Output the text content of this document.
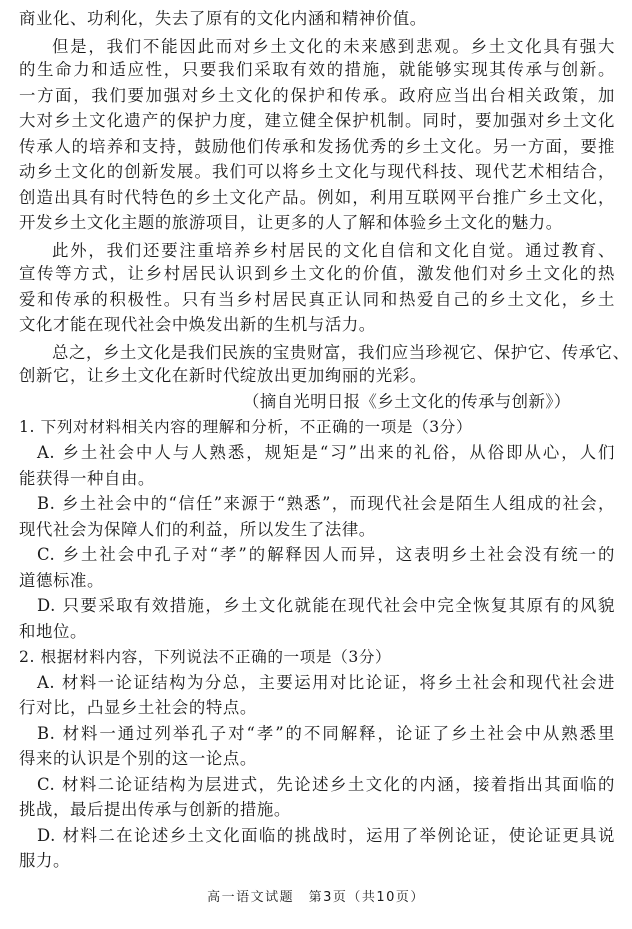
商业化、功利化，失去了原有的文化内涵和精神价值。
但是，我们不能因此而对乡土文化的未来感到悲观。乡土文化具有强大
的生命力和适应性，只要我们采取有效的措施，就能够实现其传承与创新。
一方面，我们要加强对乡土文化的保护和传承。政府应当出台相关政策，加
大对乡土文化遗产的保护力度，建立健全保护机制。同时，要加强对乡土文化
传承人的培养和支持，鼓励他们传承和发扬优秀的乡土文化。另一方面，要推
动乡土文化的创新发展。我们可以将乡土文化与现代科技、现代艺术相结合，
创造出具有时代特色的乡土文化产品。例如，利用互联网平台推广乡土文化，
开发乡土文化主题的旅游项目，让更多的人了解和体验乡土文化的魅力。
此外，我们还要注重培养乡村居民的文化自信和文化自觉。通过教育、
宣传等方式，让乡村居民认识到乡土文化的价值，激发他们对乡土文化的热
爱和传承的积极性。只有当乡村居民真正认同和热爱自己的乡土文化，乡土
文化才能在现代社会中焕发出新的生机与活力。
总之，乡土文化是我们民族的宝贵财富，我们应当珍视它、保护它、传承它、
创新它，让乡土文化在新时代绽放出更加绚丽的光彩。
（摘自光明日报《乡土文化的传承与创新》）
1. 下列对材料相关内容的理解和分析，不正确的一项是（3分）
A. 乡土社会中人与人熟悉，规矩是“习”出来的礼俗，从俗即从心，人们
能获得一种自由。
B. 乡土社会中的“信任”来源于“熟悉”，而现代社会是陌生人组成的社会，
现代社会为保障人们的利益，所以发生了法律。
C. 乡土社会中孔子对“孝”的解释因人而异，这表明乡土社会没有统一的
道德标准。
D. 只要采取有效措施，乡土文化就能在现代社会中完全恢复其原有的风貌
和地位。
2. 根据材料内容，下列说法不正确的一项是（3分）
A. 材料一论证结构为分总，主要运用对比论证，将乡土社会和现代社会进
行对比，凸显乡土社会的特点。
B. 材料一通过列举孔子对“孝”的不同解释，论证了乡土社会中从熟悉里
得来的认识是个别的这一论点。
C. 材料二论证结构为层进式，先论述乡土文化的内涵，接着指出其面临的
挑战，最后提出传承与创新的措施。
D. 材料二在论述乡土文化面临的挑战时，运用了举例论证，使论证更具说
服力。
高一语文试题　第3页（共10页）
